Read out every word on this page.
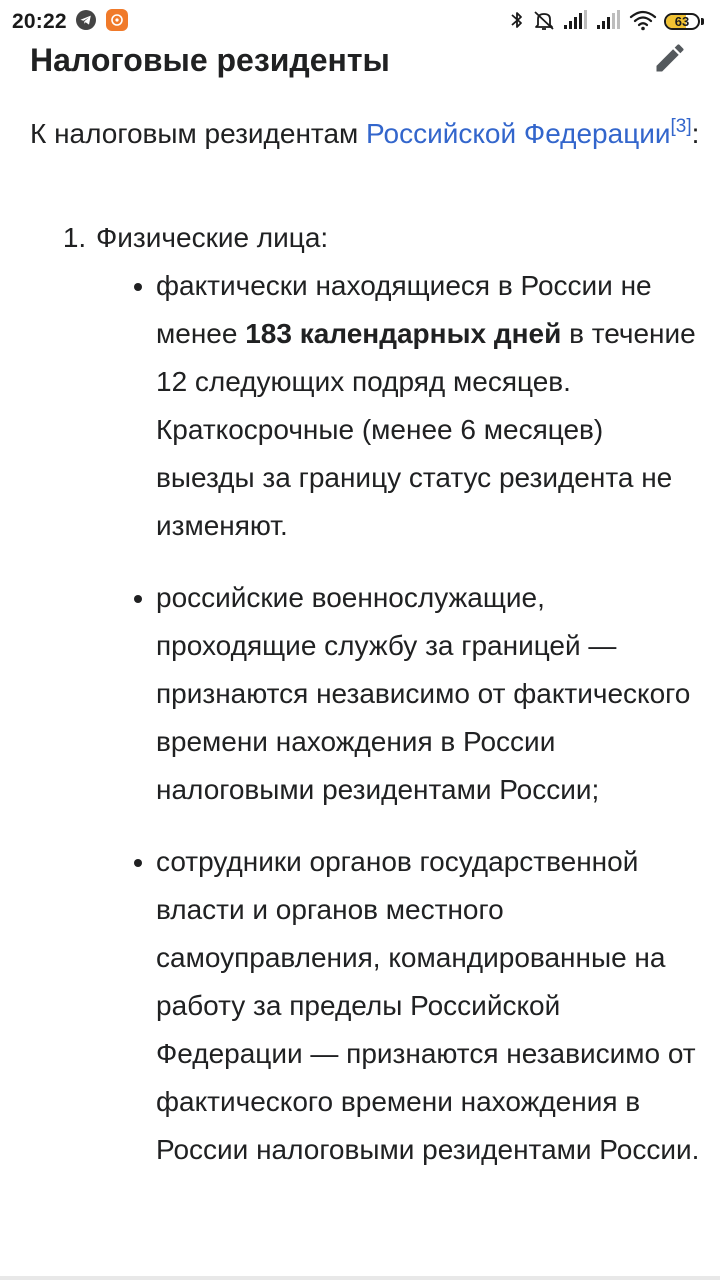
20:22	63
Налоговые резиденты

К налоговым резидентам Российской Федерации[3]:

1. Физические лица:
фактически находящиеся в России не менее 183 календарных дней в течение 12 следующих подряд месяцев. Краткосрочные (менее 6 месяцев) выезды за границу статус резидента не изменяют.
российские военнослужащие, проходящие службу за границей — признаются независимо от фактического времени нахождения в России налоговыми резидентами России;
сотрудники органов государственной власти и органов местного самоуправления, командированные на работу за пределы Российской Федерации — признаются независимо от фактического времени нахождения в России налоговыми резидентами России.
